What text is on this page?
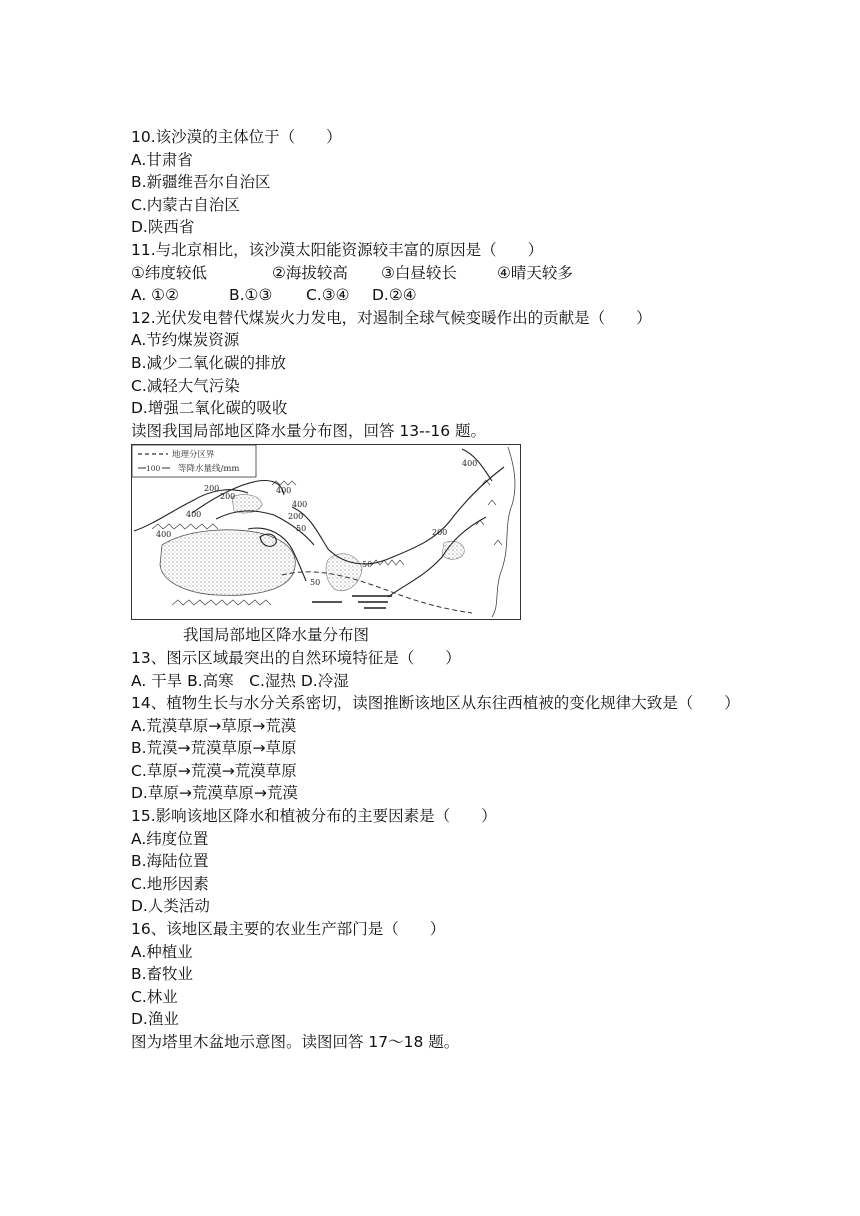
10.该沙漠的主体位于（　　）
A.甘肃省
B.新疆维吾尔自治区
C.内蒙古自治区
D.陕西省
11.与北京相比，该沙漠太阳能资源较丰富的原因是（　　）
①纬度较低	②海拔较高 ③白昼较长	④晴天较多
A. ①②	B.①③ C.③④ D.②④
12.光伏发电替代煤炭火力发电，对遏制全球气候变暖作出的贡献是（　　）
A.节约煤炭资源
B.减少二氧化碳的排放
C.减轻大气污染
D.增强二氧化碳的吸收
读图我国局部地区降水量分布图，回答 13--16 题。
地理分区界
100 等降水量线/mm
400
200
200
400
400
400
400
200
50
50
50
200
我国局部地区降水量分布图
13、图示区域最突出的自然环境特征是（　　）
A. 干旱 B.高寒　C.湿热 D.冷湿
14、植物生长与水分关系密切，读图推断该地区从东往西植被的变化规律大致是（　　）
A.荒漠草原→草原→荒漠
B.荒漠→荒漠草原→草原
C.草原→荒漠→荒漠草原
D.草原→荒漠草原→荒漠
15.影响该地区降水和植被分布的主要因素是（　　）
A.纬度位置
B.海陆位置
C.地形因素
D.人类活动
16、该地区最主要的农业生产部门是（　　）
A.种植业
B.畜牧业
C.林业
D.渔业
图为塔里木盆地示意图。读图回答 17～18 题。
